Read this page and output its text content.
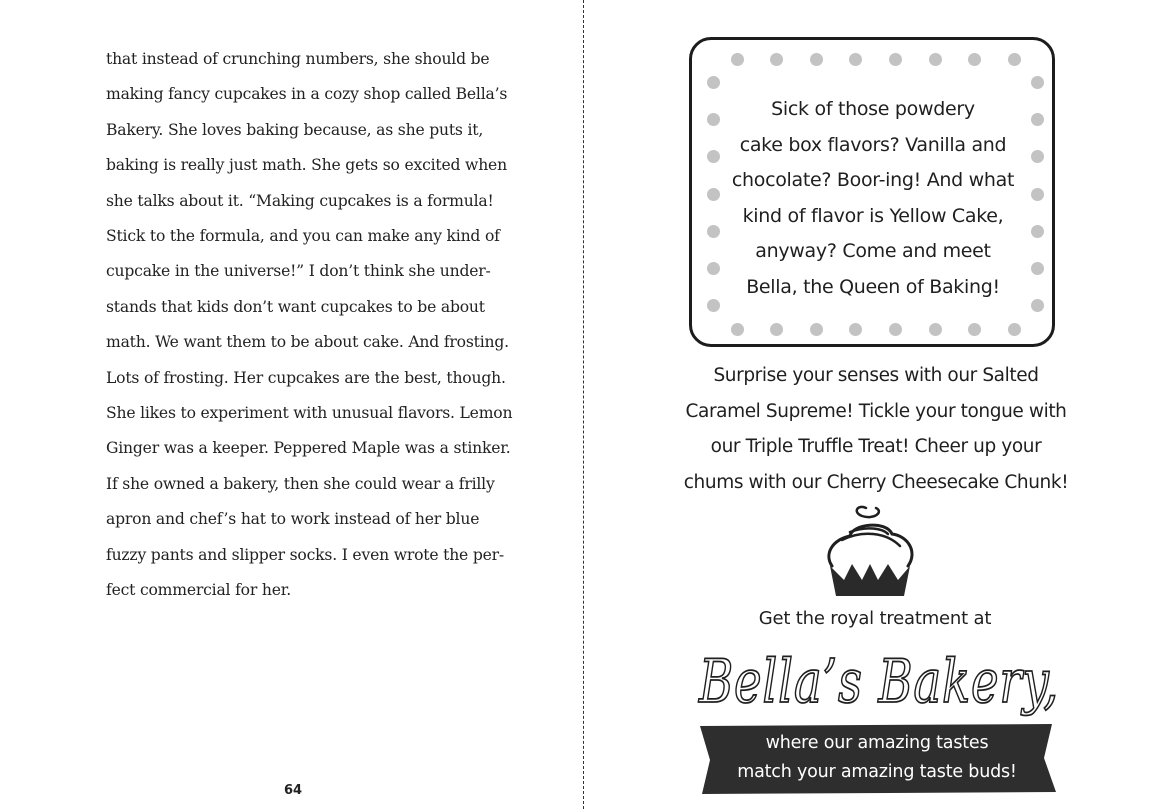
that instead of crunching numbers, she should be
making fancy cupcakes in a cozy shop called Bella’s
Bakery. She loves baking because, as she puts it,
baking is really just math. She gets so excited when
she talks about it. “Making cupcakes is a formula!
Stick to the formula, and you can make any kind of
cupcake in the universe!” I don’t think she under-
stands that kids don’t want cupcakes to be about
math. We want them to be about cake. And frosting.
Lots of frosting. Her cupcakes are the best, though.
She likes to experiment with unusual flavors. Lemon
Ginger was a keeper. Peppered Maple was a stinker.
If she owned a bakery, then she could wear a frilly
apron and chef’s hat to work instead of her blue
fuzzy pants and slipper socks. I even wrote the per-
fect commercial for her.
64
Sick of those powdery
cake box flavors? Vanilla and
chocolate? Boor-ing! And what
kind of flavor is Yellow Cake,
anyway? Come and meet
Bella, the Queen of Baking!
Surprise your senses with our Salted
Caramel Supreme! Tickle your tongue with
our Triple Truffle Treat! Cheer up your
chums with our Cherry Cheesecake Chunk!
Get the royal treatment at
Bella’s Bakery,
where our amazing tastes
match your amazing taste buds!
